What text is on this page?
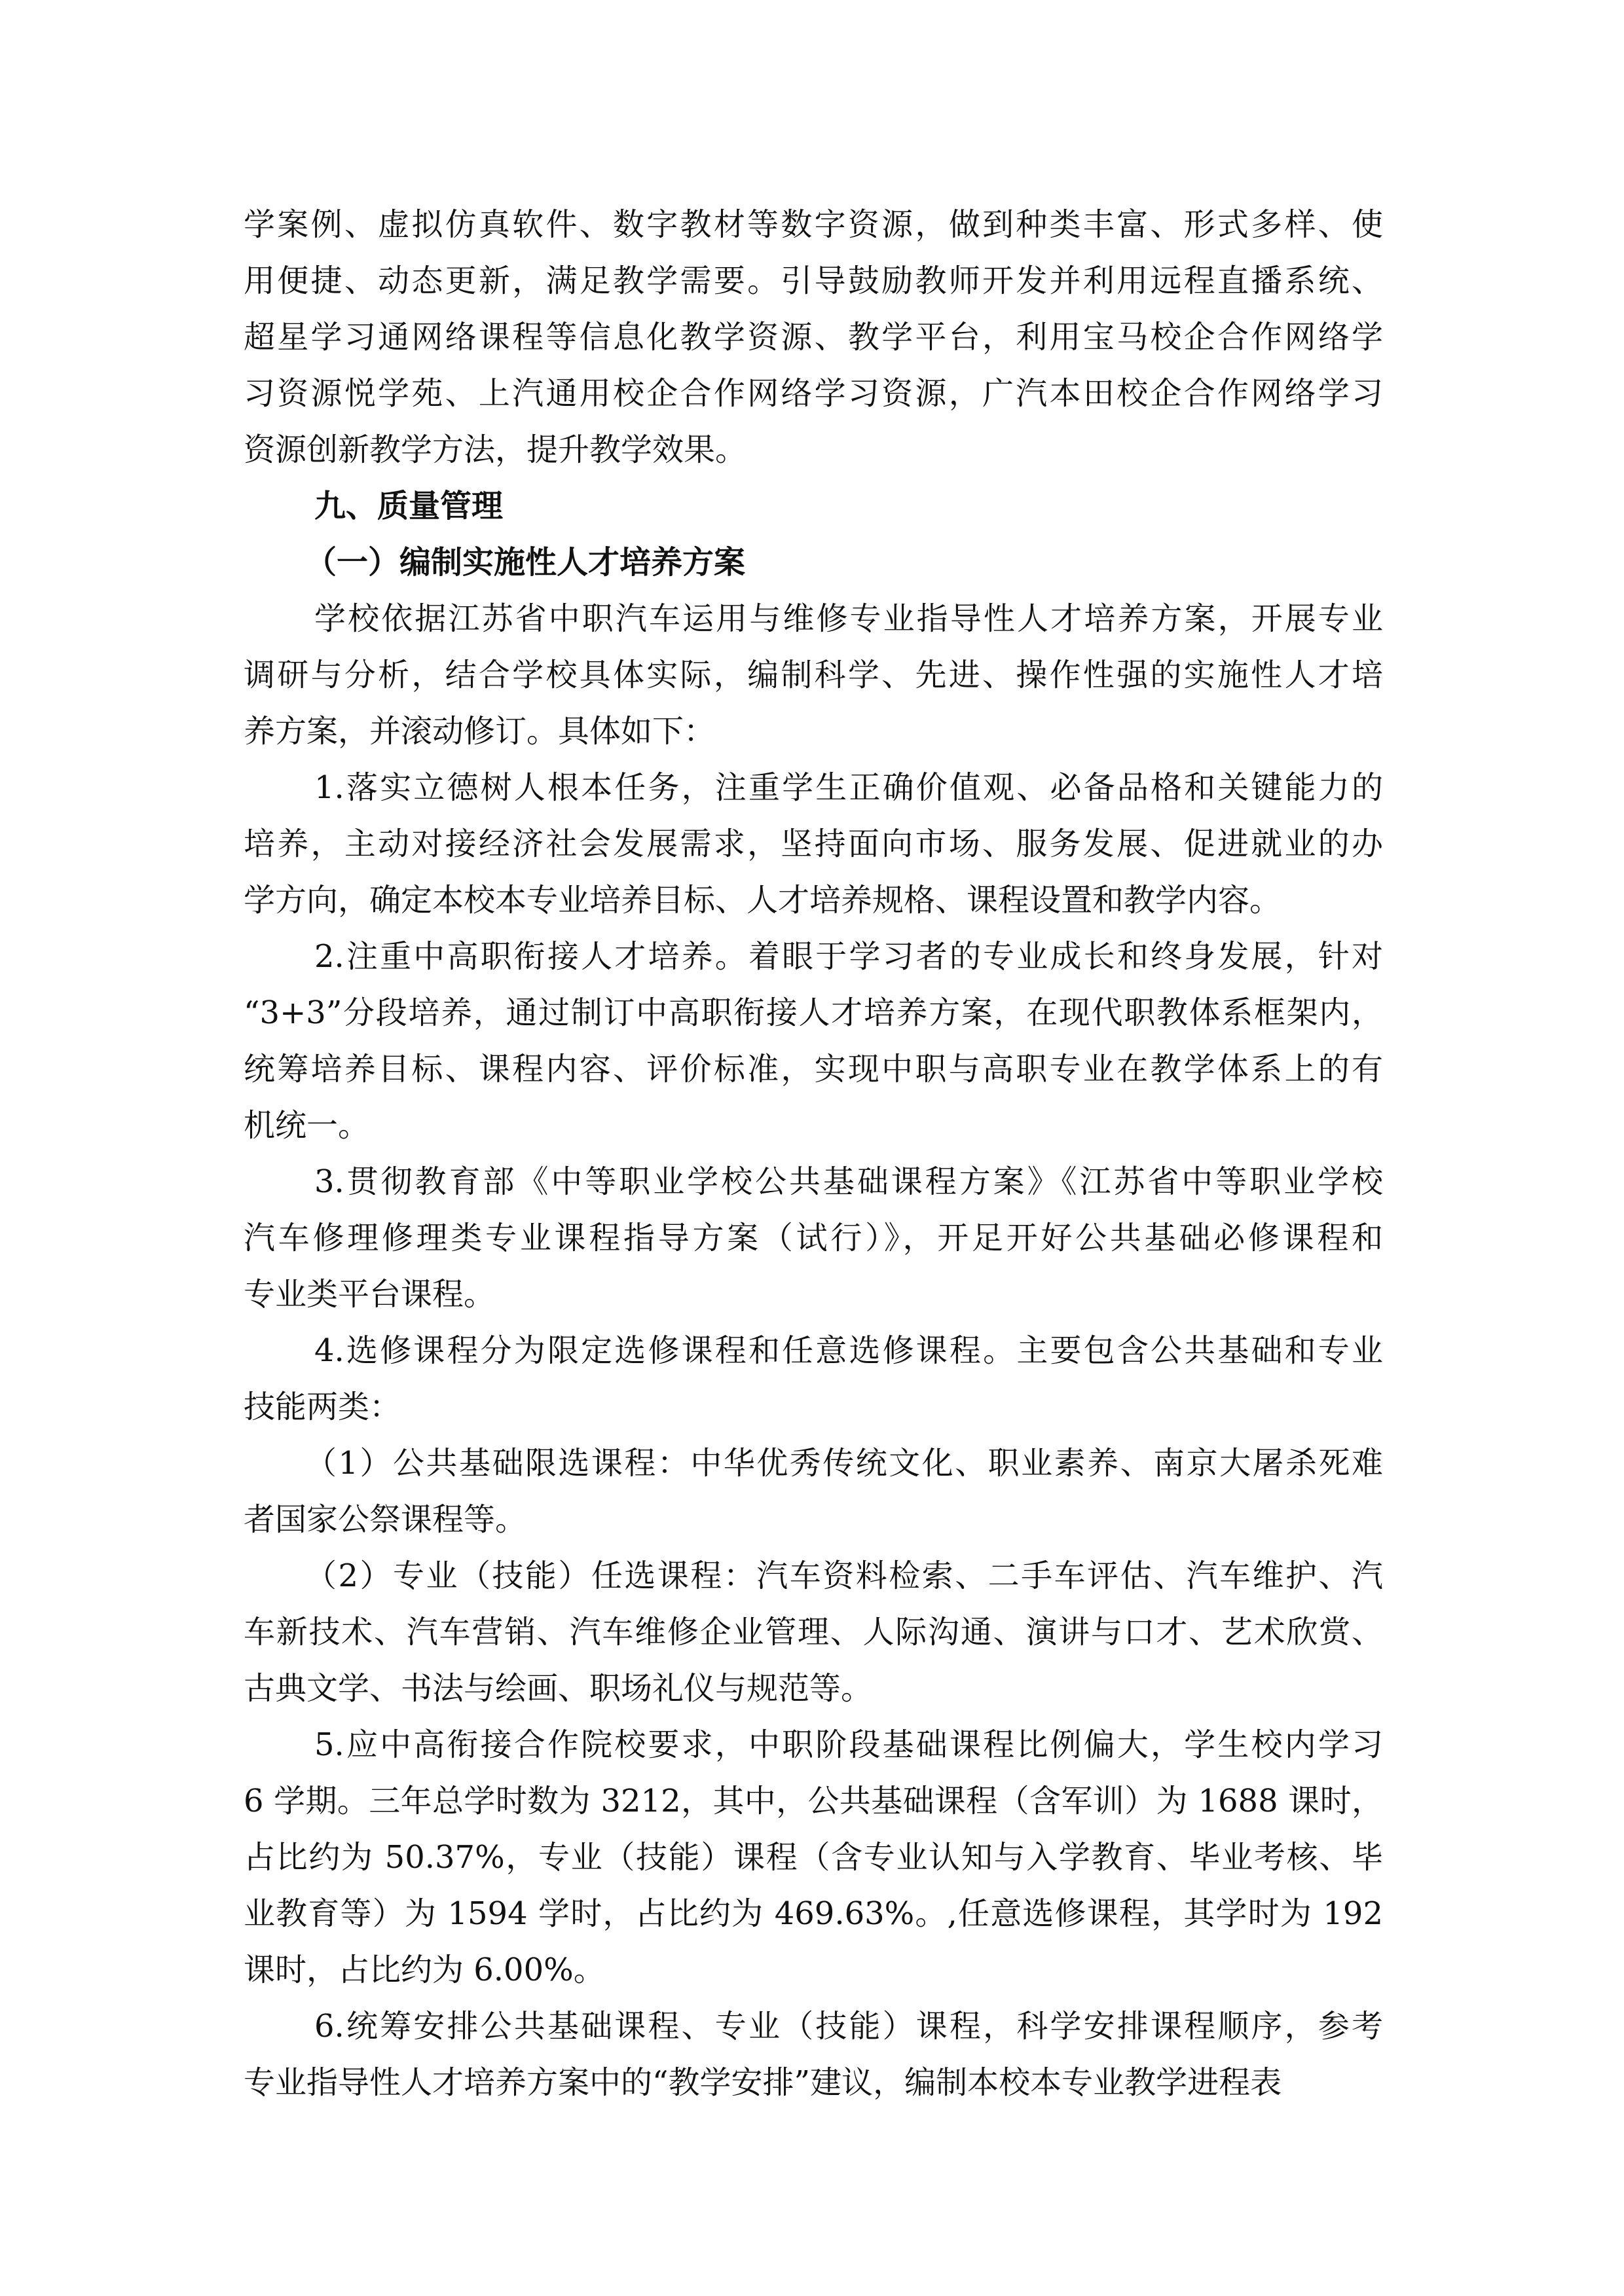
学案例、虚拟仿真软件、数字教材等数字资源，做到种类丰富、形式多样、使
用便捷、动态更新，满足教学需要。引导鼓励教师开发并利用远程直播系统、
超星学习通网络课程等信息化教学资源、教学平台，利用宝马校企合作网络学
习资源悦学苑、上汽通用校企合作网络学习资源，广汽本田校企合作网络学习
资源创新教学方法，提升教学效果。
九、质量管理
（一）编制实施性人才培养方案
学校依据江苏省中职汽车运用与维修专业指导性人才培养方案，开展专业
调研与分析，结合学校具体实际，编制科学、先进、操作性强的实施性人才培
养方案，并滚动修订。具体如下：
1.落实立德树人根本任务，注重学生正确价值观、必备品格和关键能力的
培养，主动对接经济社会发展需求，坚持面向市场、服务发展、促进就业的办
学方向，确定本校本专业培养目标、人才培养规格、课程设置和教学内容。
2.注重中高职衔接人才培养。着眼于学习者的专业成长和终身发展，针对
“3+3”分段培养，通过制订中高职衔接人才培养方案，在现代职教体系框架内，
统筹培养目标、课程内容、评价标准，实现中职与高职专业在教学体系上的有
机统一。
3.贯彻教育部《中等职业学校公共基础课程方案》《江苏省中等职业学校
汽车修理修理类专业课程指导方案（试行）》，开足开好公共基础必修课程和
专业类平台课程。
4.选修课程分为限定选修课程和任意选修课程。主要包含公共基础和专业
技能两类：
（1）公共基础限选课程：中华优秀传统文化、职业素养、南京大屠杀死难
者国家公祭课程等。
（2）专业（技能）任选课程：汽车资料检索、二手车评估、汽车维护、汽
车新技术、汽车营销、汽车维修企业管理、人际沟通、演讲与口才、艺术欣赏、
古典文学、书法与绘画、职场礼仪与规范等。
5.应中高衔接合作院校要求，中职阶段基础课程比例偏大，学生校内学习
6 学期。三年总学时数为 3212，其中，公共基础课程（含军训）为 1688 课时，
占比约为 50.37%，专业（技能）课程（含专业认知与入学教育、毕业考核、毕
业教育等）为 1594 学时，占比约为 469.63%。,任意选修课程，其学时为 192
课时，占比约为 6.00%。
6.统筹安排公共基础课程、专业（技能）课程，科学安排课程顺序，参考
专业指导性人才培养方案中的“教学安排”建议，编制本校本专业教学进程表
